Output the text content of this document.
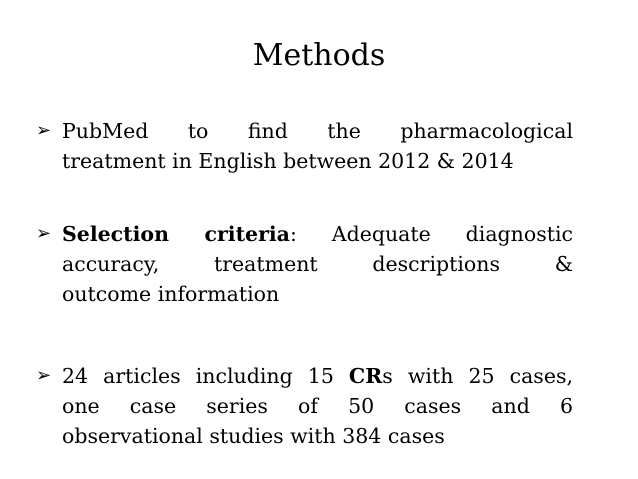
Methods
➢ PubMed to find the pharmacological
treatment in English between 2012 & 2014
➢ Selection criteria: Adequate diagnostic
accuracy, treatment descriptions &
outcome information
➢ 24 articles including 15 CRs with 25 cases,
one case series of 50 cases and 6
observational studies with 384 cases
